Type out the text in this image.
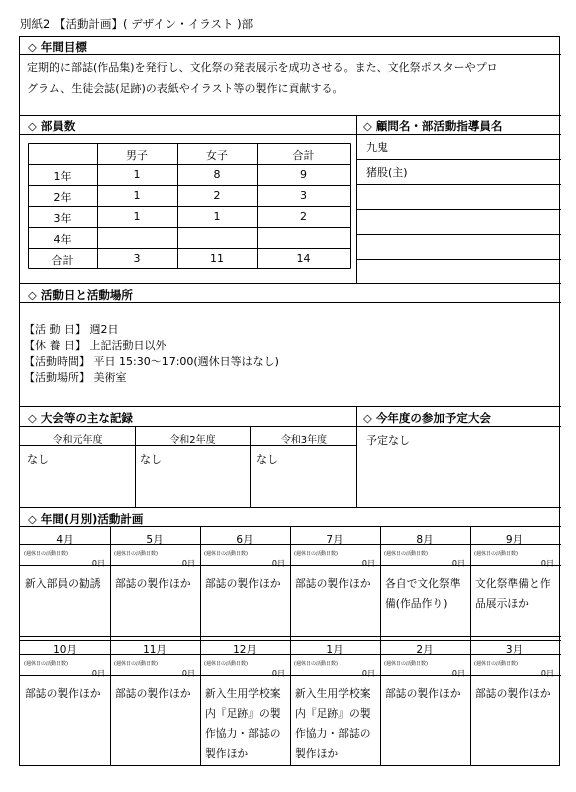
別紙2 【活動計画】( デザイン・イラスト )部
◇ 年間目標
定期的に部誌(作品集)を発行し、文化祭の発表展示を成功させる。また、文化祭ポスターやプロ
グラム、生徒会誌(足跡)の表紙やイラスト等の製作に貢献する。
◇ 部員数
男子	女子	合計
1年	1	8	9
2年	1	2	3
3年	1	1	2
4年
合計	3	11	14
◇ 顧問名・部活動指導員名
九鬼
猪股(主)
◇ 活動日と活動場所
【活 動 日】 週2日
【休 養 日】 上記活動日以外
【活動時間】 平日 15:30～17:00(週休日等はなし)
【活動場所】 美術室
◇ 大会等の主な記録
令和元年度	令和2年度	令和3年度
なし	なし	なし
◇ 今年度の参加予定大会
予定なし
◇ 年間(月別)活動計画
4月
(週休日の活動日数)
0日
新入部員の勧誘
5月
(週休日の活動日数)
0日
部誌の製作ほか
6月
(週休日の活動日数)
0日
部誌の製作ほか
7月
(週休日の活動日数)
0日
部誌の製作ほか
8月
(週休日の活動日数)
0日
各自で文化祭準備(作品作り)
9月
(週休日の活動日数)
0日
文化祭準備と作品展示ほか
10月
(週休日の活動日数)
0日
部誌の製作ほか
11月
(週休日の活動日数)
0日
部誌の製作ほか
12月
(週休日の活動日数)
0日
新入生用学校案内『足跡』の製作協力・部誌の製作ほか
1月
(週休日の活動日数)
0日
新入生用学校案内『足跡』の製作協力・部誌の製作ほか
2月
(週休日の活動日数)
0日
部誌の製作ほか
3月
(週休日の活動日数)
0日
部誌の製作ほか
